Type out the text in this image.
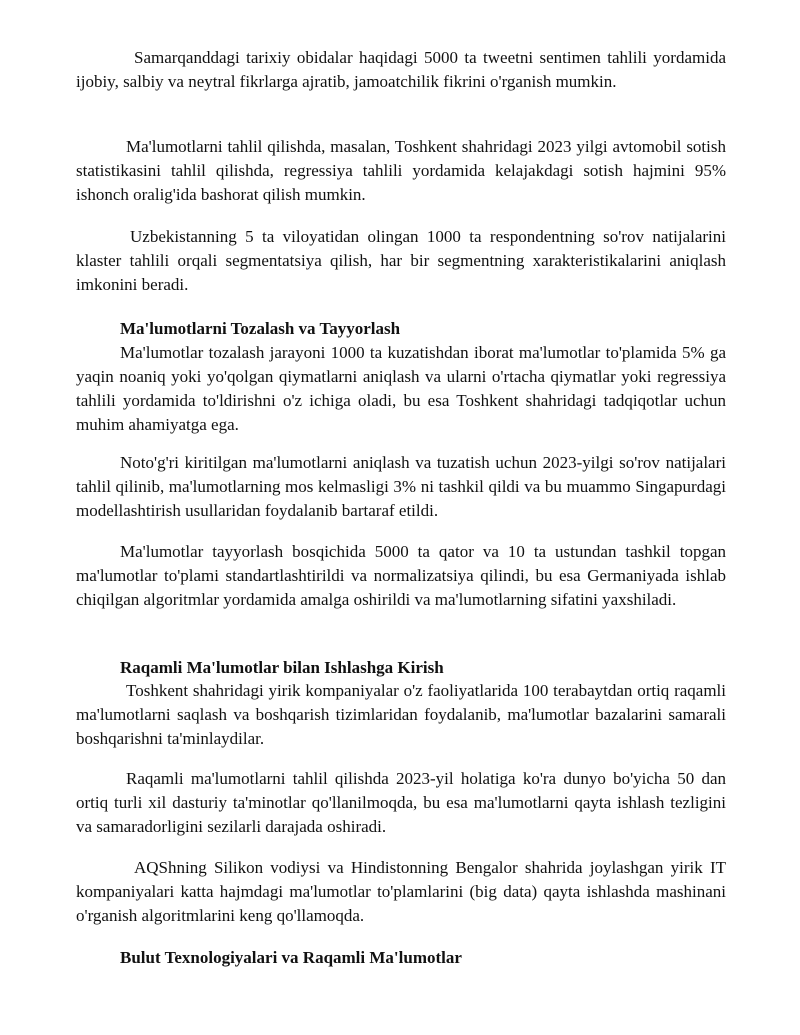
Samarqanddagi tarixiy obidalar haqidagi 5000 ta tweetni sentimen tahlili yordamida ijobiy, salbiy va neytral fikrlarga ajratib, jamoatchilik fikrini o'rganish mumkin.

Ma'lumotlarni tahlil qilishda, masalan, Toshkent shahridagi 2023 yilgi avtomobil sotish statistikasini tahlil qilishda, regressiya tahlili yordamida kelajakdagi sotish hajmini 95% ishonch oralig'ida bashorat qilish mumkin.

Uzbekistanning 5 ta viloyatidan olingan 1000 ta respondentning so'rov natijalarini klaster tahlili orqali segmentatsiya qilish, har bir segmentning xarakteristikalarini aniqlash imkonini beradi.

Ma'lumotlarni Tozalash va Tayyorlash

Ma'lumotlar tozalash jarayoni 1000 ta kuzatishdan iborat ma'lumotlar to'plamida 5% ga yaqin noaniq yoki yo'qolgan qiymatlarni aniqlash va ularni o'rtacha qiymatlar yoki regressiya tahlili yordamida to'ldirishni o'z ichiga oladi, bu esa Toshkent shahridagi tadqiqotlar uchun muhim ahamiyatga ega.

Noto'g'ri kiritilgan ma'lumotlarni aniqlash va tuzatish uchun 2023-yilgi so'rov natijalari tahlil qilinib, ma'lumotlarning mos kelmasligi 3% ni tashkil qildi va bu muammo Singapurdagi modellashtirish usullaridan foydalanib bartaraf etildi.

Ma'lumotlar tayyorlash bosqichida 5000 ta qator va 10 ta ustundan tashkil topgan ma'lumotlar to'plami standartlashtirildi va normalizatsiya qilindi, bu esa Germaniyada ishlab chiqilgan algoritmlar yordamida amalga oshirildi va ma'lumotlarning sifatini yaxshiladi.

Raqamli Ma'lumotlar bilan Ishlashga Kirish

Toshkent shahridagi yirik kompaniyalar o'z faoliyatlarida 100 terabaytdan ortiq raqamli ma'lumotlarni saqlash va boshqarish tizimlaridan foydalanib, ma'lumotlar bazalarini samarali boshqarishni ta'minlaydilar.

Raqamli ma'lumotlarni tahlil qilishda 2023-yil holatiga ko'ra dunyo bo'yicha 50 dan ortiq turli xil dasturiy ta'minotlar qo'llanilmoqda, bu esa ma'lumotlarni qayta ishlash tezligini va samaradorligini sezilarli darajada oshiradi.

AQShning Silikon vodiysi va Hindistonning Bengalor shahrida joylashgan yirik IT kompaniyalari katta hajmdagi ma'lumotlar to'plamlarini (big data) qayta ishlashda mashinani o'rganish algoritmlarini keng qo'llamoqda.

Bulut Texnologiyalari va Raqamli Ma'lumotlar
